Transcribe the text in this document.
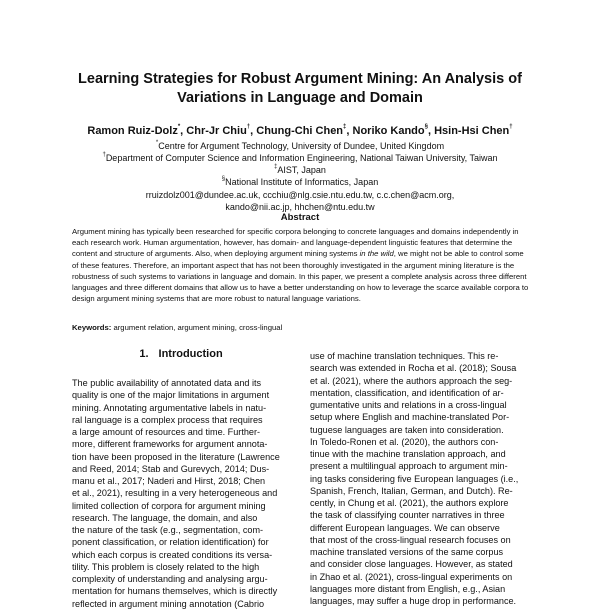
Learning Strategies for Robust Argument Mining: An Analysis of Variations in Language and Domain
Ramon Ruiz-Dolz*, Chr-Jr Chiu†, Chung-Chi Chen‡, Noriko Kando§, Hsin-Hsi Chen†
*Centre for Argument Technology, University of Dundee, United Kingdom
†Department of Computer Science and Information Engineering, National Taiwan University, Taiwan
‡AIST, Japan
§National Institute of Informatics, Japan
rruizdolz001@dundee.ac.uk, ccchiu@nlg.csie.ntu.edu.tw, c.c.chen@acm.org,
kando@nii.ac.jp, hhchen@ntu.edu.tw
Abstract

Argument mining has typically been researched for specific corpora belonging to concrete languages and domains independently in each research work. Human argumentation, however, has domain- and language-dependent linguistic features that determine the content and structure of arguments. Also, when deploying argument mining systems in the wild, we might not be able to control some of these features. Therefore, an important aspect that has not been thoroughly investigated in the argument mining literature is the robustness of such systems to variations in language and domain. In this paper, we present a complete analysis across three different languages and three different domains that allow us to have a better understanding on how to leverage the scarce available corpora to design argument mining systems that are more robust to natural language variations.

Keywords: argument relation, argument mining, cross-lingual

1. Introduction
The public availability of annotated data and its
quality is one of the major limitations in argument
mining. Annotating argumentative labels in natu-
ral language is a complex process that requires
a large amount of resources and time. Further-
more, different frameworks for argument annota-
tion have been proposed in the literature (Lawrence
and Reed, 2014; Stab and Gurevych, 2014; Dus-
manu et al., 2017; Naderi and Hirst, 2018; Chen
et al., 2021), resulting in a very heterogeneous and
limited collection of corpora for argument mining
research. The language, the domain, and also
the nature of the task (e.g., segmentation, com-
ponent classification, or relation identification) for
which each corpus is created conditions its versa-
tility. This problem is closely related to the high
complexity of understanding and analysing argu-
mentation for humans themselves, which is directly
reflected in argument mining annotation (Cabrio
use of machine translation techniques. This re-
search was extended in Rocha et al. (2018); Sousa
et al. (2021), where the authors approach the seg-
mentation, classification, and identification of ar-
gumentative units and relations in a cross-lingual
setup where English and machine-translated Por-
tuguese languages are taken into consideration.
In Toledo-Ronen et al. (2020), the authors con-
tinue with the machine translation approach, and
present a multilingual approach to argument min-
ing tasks considering five European languages (i.e.,
Spanish, French, Italian, German, and Dutch). Re-
cently, in Chung et al. (2021), the authors explore
the task of classifying counter narratives in three
different European languages. We can observe
that most of the cross-lingual research focuses on
machine translated versions of the same corpus
and consider close languages. However, as stated
in Zhao et al. (2021), cross-lingual experiments on
languages more distant from English, e.g., Asian
languages, may suffer a huge drop in performance.
